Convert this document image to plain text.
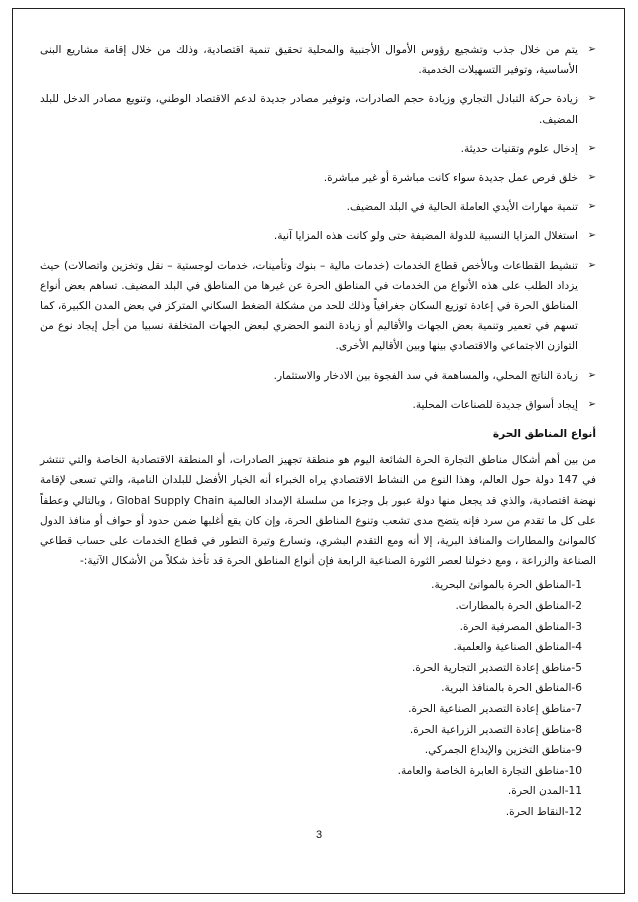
➢
يتم من خلال جذب وتشجيع رؤوس الأموال الأجنبية والمحلية تحقيق تنمية اقتصادية، وذلك من خلال إقامة مشاريع البنى الأساسية، وتوفير التسهيلات الخدمية.
➢
زيادة حركة التبادل التجاري وزيادة حجم الصادرات، وتوفير مصادر جديدة لدعم الاقتصاد الوطني، وتنويع مصادر الدخل للبلد المضيف.
➢
إدخال علوم وتقنيات حديثة.
➢
خلق فرص عمل جديدة سواء كانت مباشرة أو غير مباشرة.
➢
تنمية مهارات الأيدي العاملة الحالية في البلد المضيف.
➢
استغلال المزايا النسبية للدولة المضيفة حتى ولو كانت هذه المزايا آنية.
➢
تنشيط القطاعات وبالأخص قطاع الخدمات (خدمات مالية – بنوك وتأمينات، خدمات لوجستية – نقل وتخزين واتصالات) حيث يزداد الطلب على هذه الأنواع من الخدمات في المناطق الحرة عن غيرها من المناطق في البلد المضيف. تساهم بعض أنواع المناطق الحرة في إعادة توزيع السكان جغرافياً وذلك للحد من مشكلة الضغط السكاني المتركز في بعض المدن الكبيرة، كما تسهم في تعمير وتنمية بعض الجهات والأقاليم أو زيادة النمو الحضري لبعض الجهات المتخلفة نسبيا من أجل إيجاد نوع من التوازن الاجتماعي والاقتصادي بينها وبين الأقاليم الأخرى.
➢
زيادة الناتج المحلي، والمساهمة في سد الفجوة بين الادخار والاستثمار.
➢
إيجاد أسواق جديدة للصناعات المحلية.
أنواع المناطق الحرة
من بين أهم أشكال مناطق التجارة الحرة الشائعة اليوم هو منطقة تجهيز الصادرات، أو المنطقة الاقتصادية الخاصة والتي تنتشر في 147 دولة حول العالم، وهذا النوع من النشاط الاقتصادي يراه الخبراء أنه الخيار الأفضل للبلدان النامية، والتي تسعى لإقامة نهضة اقتصادية، والذي قد يجعل منها دولة عبور بل وجزءا من سلسلة الإمداد العالمية Global Supply Chain ، وبالتالي وعطفاً على كل ما تقدم من سرد فإنه يتضح مدى تشعب وتنوع المناطق الحرة، وإن كان يقع أغلبها ضمن حدود أو حواف أو منافذ الدول كالموانئ والمطارات والمنافذ البرية، إلا أنه ومع التقدم البشري، وتسارع وتيرة التطور في قطاع الخدمات على حساب قطاعي الصناعة والزراعة ، ومع دخولنا لعصر الثورة الصناعية الرابعة فإن أنواع المناطق الحرة قد تأخذ شكلاً من الأشكال الآتية:-
1-المناطق الحرة بالموانئ البحرية.
2-المناطق الحرة بالمطارات.
3-المناطق المصرفية الحرة.
4-المناطق الصناعية والعلمية.
5-مناطق إعادة التصدير التجارية الحرة.
6-المناطق الحرة بالمنافذ البرية.
7-مناطق إعادة التصدير الصناعية الحرة.
8-مناطق إعادة التصدير الزراعية الحرة.
9-مناطق التخزين والإيداع الجمركي.
10-مناطق التجارة العابرة الخاصة والعامة.
11-المدن الحرة.
12-النقاط الحرة.
3
